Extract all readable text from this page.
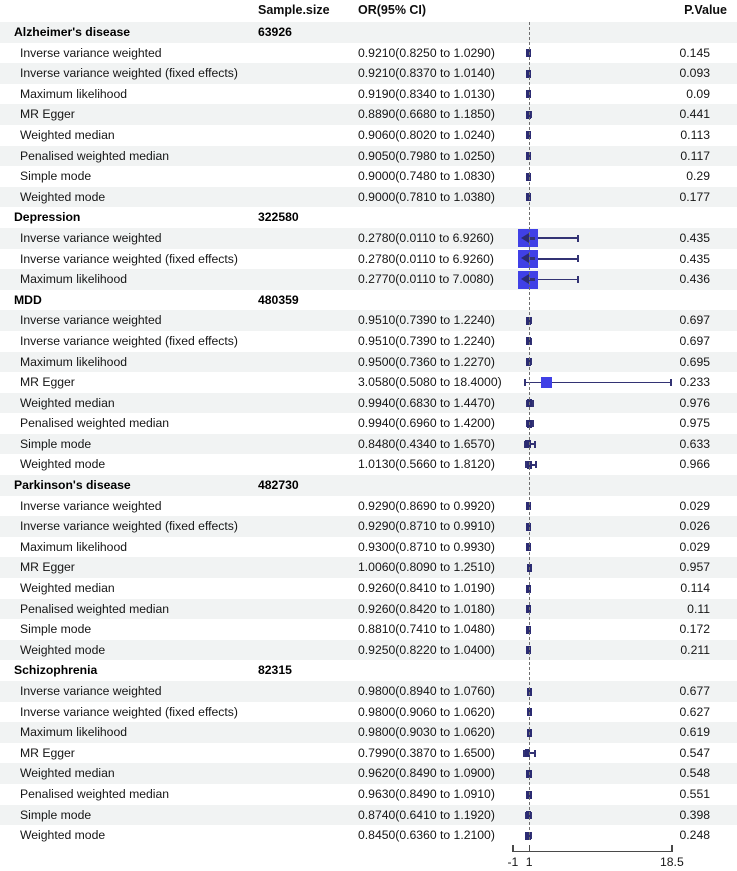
Sample.size OR(95% CI)	P.Value
Alzheimer's disease	63926
Inverse variance weighted	0.9210(0.8250 to 1.0290)	0.145
Inverse variance weighted (fixed effects)	0.9210(0.8370 to 1.0140)	0.093
Maximum likelihood	0.9190(0.8340 to 1.0130)	0.09
MR Egger	0.8890(0.6680 to 1.1850)	0.441
Weighted median	0.9060(0.8020 to 1.0240)	0.113
Penalised weighted median	0.9050(0.7980 to 1.0250)	0.117
Simple mode	0.9000(0.7480 to 1.0830)	0.29
Weighted mode	0.9000(0.7810 to 1.0380)	0.177
Depression	322580
Inverse variance weighted	0.2780(0.0110 to 6.9260)	0.435
Inverse variance weighted (fixed effects)	0.2780(0.0110 to 6.9260)	0.435
Maximum likelihood	0.2770(0.0110 to 7.0080)	0.436
MDD	480359
Inverse variance weighted	0.9510(0.7390 to 1.2240)	0.697
Inverse variance weighted (fixed effects)	0.9510(0.7390 to 1.2240)	0.697
Maximum likelihood	0.9500(0.7360 to 1.2270)	0.695
MR Egger	3.0580(0.5080 to 18.4000)	0.233
Weighted median	0.9940(0.6830 to 1.4470)	0.976
Penalised weighted median	0.9940(0.6960 to 1.4200)	0.975
Simple mode	0.8480(0.4340 to 1.6570)	0.633
Weighted mode	1.0130(0.5660 to 1.8120)	0.966
Parkinson's disease	482730
Inverse variance weighted	0.9290(0.8690 to 0.9920)	0.029
Inverse variance weighted (fixed effects)	0.9290(0.8710 to 0.9910)	0.026
Maximum likelihood	0.9300(0.8710 to 0.9930)	0.029
MR Egger	1.0060(0.8090 to 1.2510)	0.957
Weighted median	0.9260(0.8410 to 1.0190)	0.114
Penalised weighted median	0.9260(0.8420 to 1.0180)	0.11
Simple mode	0.8810(0.7410 to 1.0480)	0.172
Weighted mode	0.9250(0.8220 to 1.0400)	0.211
Schizophrenia	82315
Inverse variance weighted	0.9800(0.8940 to 1.0760)	0.677
Inverse variance weighted (fixed effects)	0.9800(0.9060 to 1.0620)	0.627
Maximum likelihood	0.9800(0.9030 to 1.0620)	0.619
MR Egger	0.7990(0.3870 to 1.6500)	0.547
Weighted median	0.9620(0.8490 to 1.0900)	0.548
Penalised weighted median	0.9630(0.8490 to 1.0910)	0.551
Simple mode	0.8740(0.6410 to 1.1920)	0.398
Weighted mode	0.8450(0.6360 to 1.2100)	0.248
-1 1	18.5
